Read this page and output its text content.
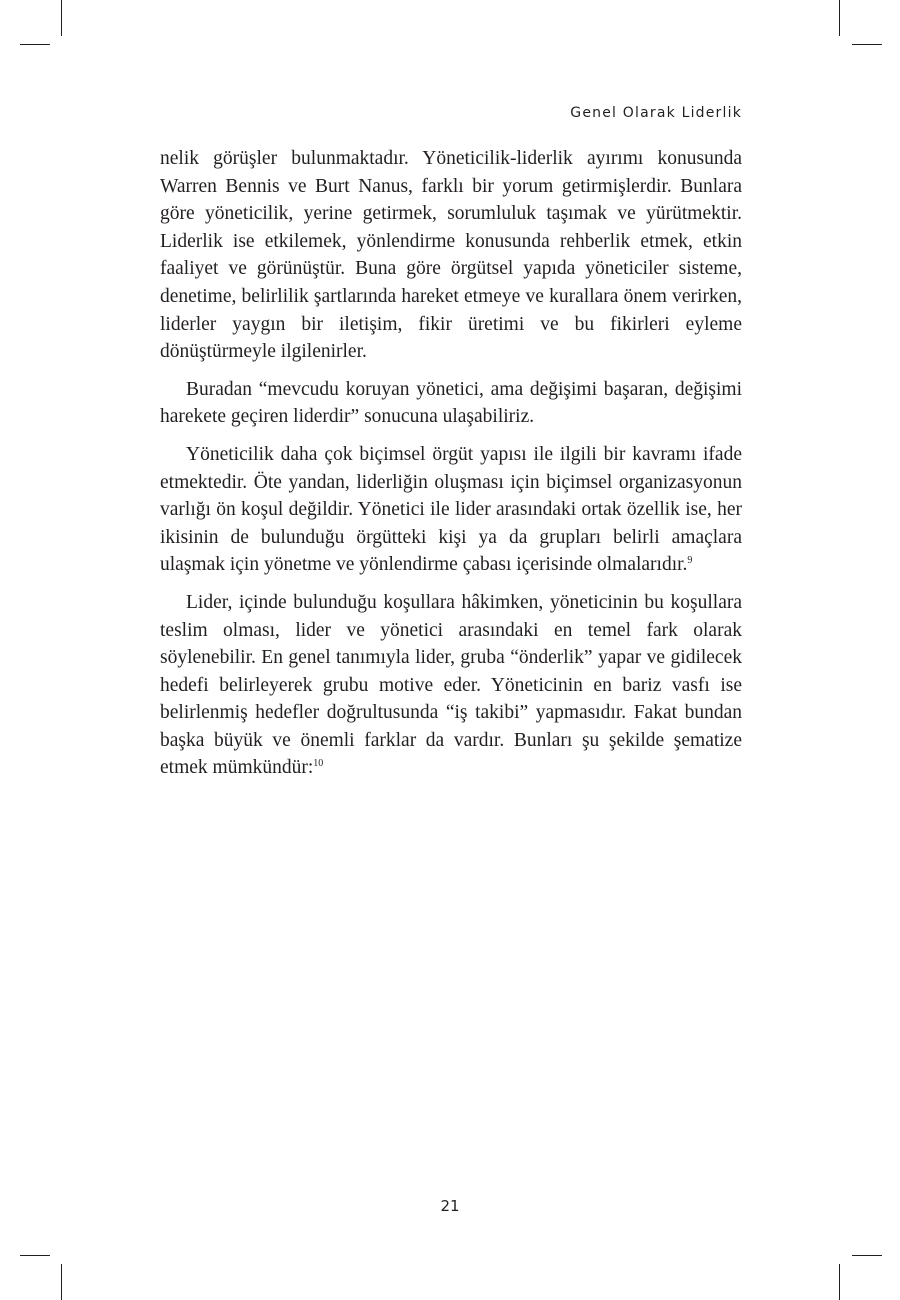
Genel Olarak Liderlik

nelik görüşler bulunmaktadır. Yöneticilik-liderlik ayırımı konusunda Warren Bennis ve Burt Nanus, farklı bir yorum getirmişlerdir. Bunlara göre yöneticilik, yerine getirmek, sorumluluk taşımak ve yürütmektir. Liderlik ise etkilemek, yönlendirme konusunda rehberlik etmek, etkin faaliyet ve görünüştür. Buna göre örgütsel yapıda yöneticiler sisteme, denetime, belirlilik şartlarında hareket etmeye ve kurallara önem verirken, liderler yaygın bir iletişim, fikir üretimi ve bu fikirleri eyleme dönüştürmeyle ilgilenirler.

Buradan “mevcudu koruyan yönetici, ama değişimi başaran, değişimi harekete geçiren liderdir” sonucuna ulaşabiliriz.

Yöneticilik daha çok biçimsel örgüt yapısı ile ilgili bir kavramı ifade etmektedir. Öte yandan, liderliğin oluşması için biçimsel organizasyonun varlığı ön koşul değildir. Yönetici ile lider arasındaki ortak özellik ise, her ikisinin de bulunduğu örgütteki kişi ya da grupları belirli amaçlara ulaşmak için yönetme ve yönlendirme çabası içerisinde olmalarıdır.$^9$

Lider, içinde bulunduğu koşullara hâkimken, yöneticinin bu koşullara teslim olması, lider ve yönetici arasındaki en temel fark olarak söylenebilir. En genel tanımıyla lider, gruba “önderlik” yapar ve gidilecek hedefi belirleyerek grubu motive eder. Yöneticinin en bariz vasfı ise belirlenmiş hedefler doğrultusunda “iş takibi” yapmasıdır. Fakat bundan başka büyük ve önemli farklar da vardır. Bunları şu şekilde şematize etmek mümkündür:$^{10}$

21
